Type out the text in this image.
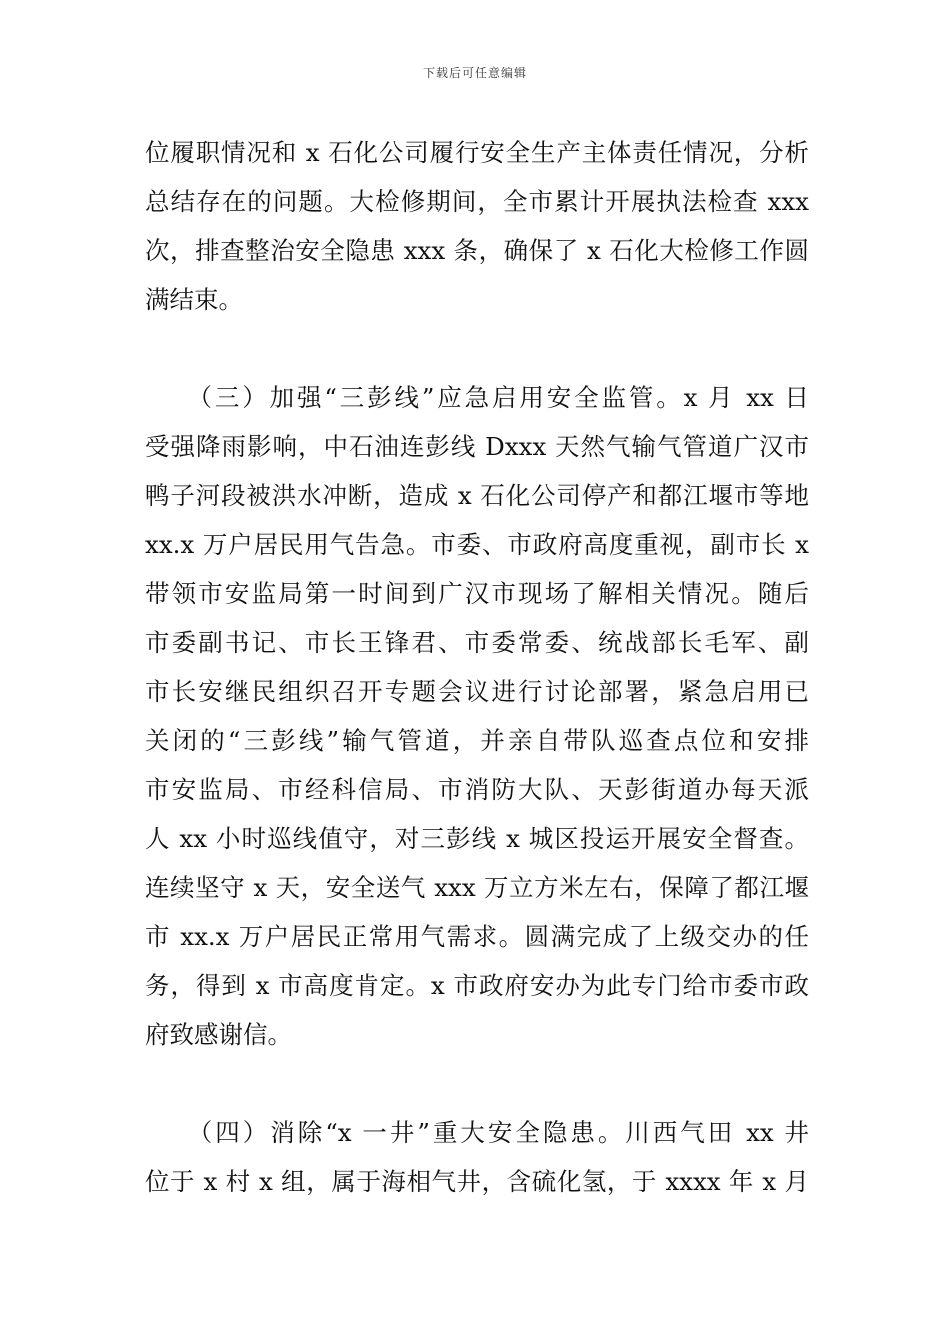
下载后可任意编辑
位履职情况和 x 石化公司履行安全生产主体责任情况，分析
总结存在的问题。大检修期间，全市累计开展执法检查 xxx
次，排查整治安全隐患 xxx 条，确保了 x 石化大检修工作圆
满结束。
　　（三）加强“三彭线”应急启用安全监管。x 月 xx 日
受强降雨影响，中石油连彭线 Dxxx 天然气输气管道广汉市
鸭子河段被洪水冲断，造成 x 石化公司停产和都江堰市等地
xx.x 万户居民用气告急。市委、市政府高度重视，副市长 x
带领市安监局第一时间到广汉市现场了解相关情况。随后
市委副书记、市长王锋君、市委常委、统战部长毛军、副
市长安继民组织召开专题会议进行讨论部署，紧急启用已
关闭的“三彭线”输气管道，并亲自带队巡查点位和安排
市安监局、市经科信局、市消防大队、天彭街道办每天派
人 xx 小时巡线值守，对三彭线 x 城区投运开展安全督查。
连续坚守 x 天，安全送气 xxx 万立方米左右，保障了都江堰
市 xx.x 万户居民正常用气需求。圆满完成了上级交办的任
务，得到 x 市高度肯定。x 市政府安办为此专门给市委市政
府致感谢信。
　　（四）消除“x 一井”重大安全隐患。川西气田 xx 井
位于 x 村 x 组，属于海相气井，含硫化氢，于 xxxx 年 x 月
